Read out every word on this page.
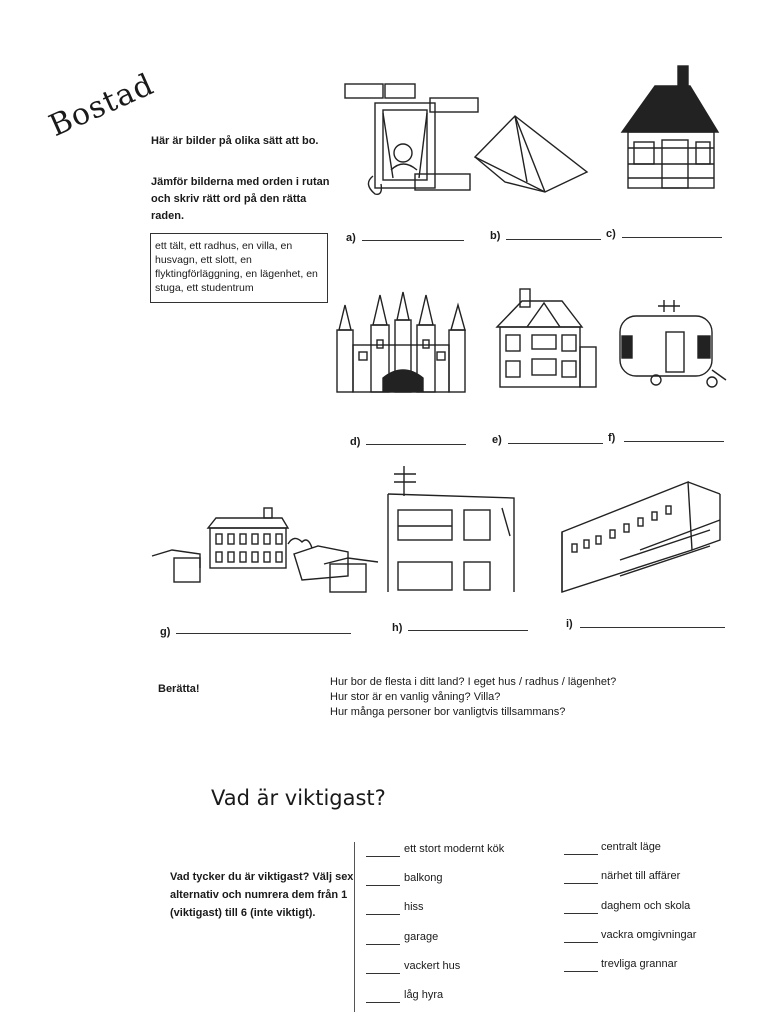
Bostad
Här är bilder på olika sätt att bo.
Jämför bilderna med orden i rutan och skriv rätt ord på den rätta raden.
ett tält, ett radhus, en villa, en husvagn, ett slott, en flyktingförläggning, en lägenhet, en stuga, ett studentrum
a)	b)	c)
d)	e)	f)
g)	h)	i)
Berätta!
Hur bor de flesta i ditt land? I eget hus / radhus / lägenhet?
Hur stor är en vanlig våning? Villa?
Hur många personer bor vanligtvis tillsammans?
Vad är viktigast?
Vad tycker du är viktigast? Välj sex alternativ och numrera dem från 1 (viktigast) till 6 (inte viktigt).
ett stort modernt kök
balkong
hiss
garage
vackert hus
låg hyra
centralt läge
närhet till affärer
daghem och skola
vackra omgivningar
trevliga grannar
